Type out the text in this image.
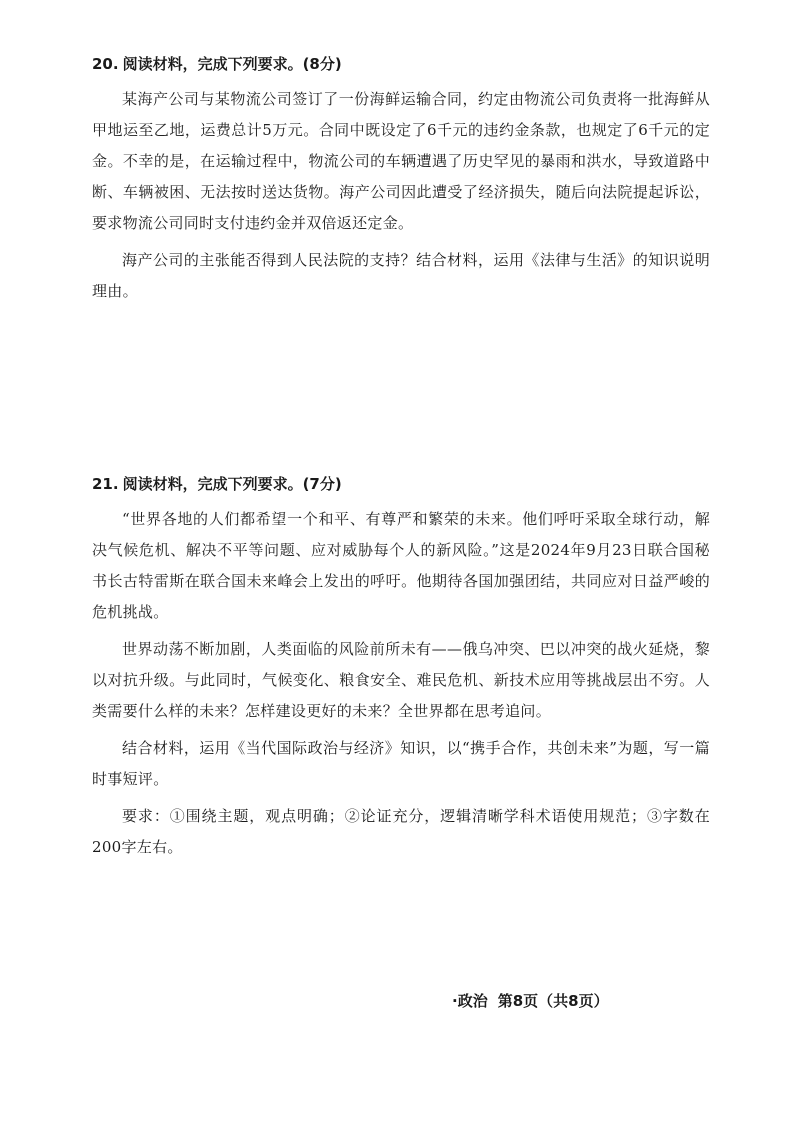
20. 阅读材料，完成下列要求。(8分)

某海产公司与某物流公司签订了一份海鲜运输合同，约定由物流公司负责将一批海鲜从甲地运至乙地，运费总计5万元。合同中既设定了6千元的违约金条款，也规定了6千元的定金。不幸的是，在运输过程中，物流公司的车辆遭遇了历史罕见的暴雨和洪水，导致道路中断、车辆被困、无法按时送达货物。海产公司因此遭受了经济损失，随后向法院提起诉讼，要求物流公司同时支付违约金并双倍返还定金。

海产公司的主张能否得到人民法院的支持？结合材料，运用《法律与生活》的知识说明理由。

21. 阅读材料，完成下列要求。(7分)

“世界各地的人们都希望一个和平、有尊严和繁荣的未来。他们呼吁采取全球行动，解决气候危机、解决不平等问题、应对威胁每个人的新风险。”这是2024年9月23日联合国秘书长古特雷斯在联合国未来峰会上发出的呼吁。他期待各国加强团结，共同应对日益严峻的危机挑战。

世界动荡不断加剧，人类面临的风险前所未有——俄乌冲突、巴以冲突的战火延烧，黎以对抗升级。与此同时，气候变化、粮食安全、难民危机、新技术应用等挑战层出不穷。人类需要什么样的未来？怎样建设更好的未来？全世界都在思考追问。

结合材料，运用《当代国际政治与经济》知识，以“携手合作，共创未来”为题，写一篇时事短评。

要求：①围绕主题，观点明确；②论证充分，逻辑清晰学科术语使用规范；③字数在200字左右。

·政治 第8页（共8页）
